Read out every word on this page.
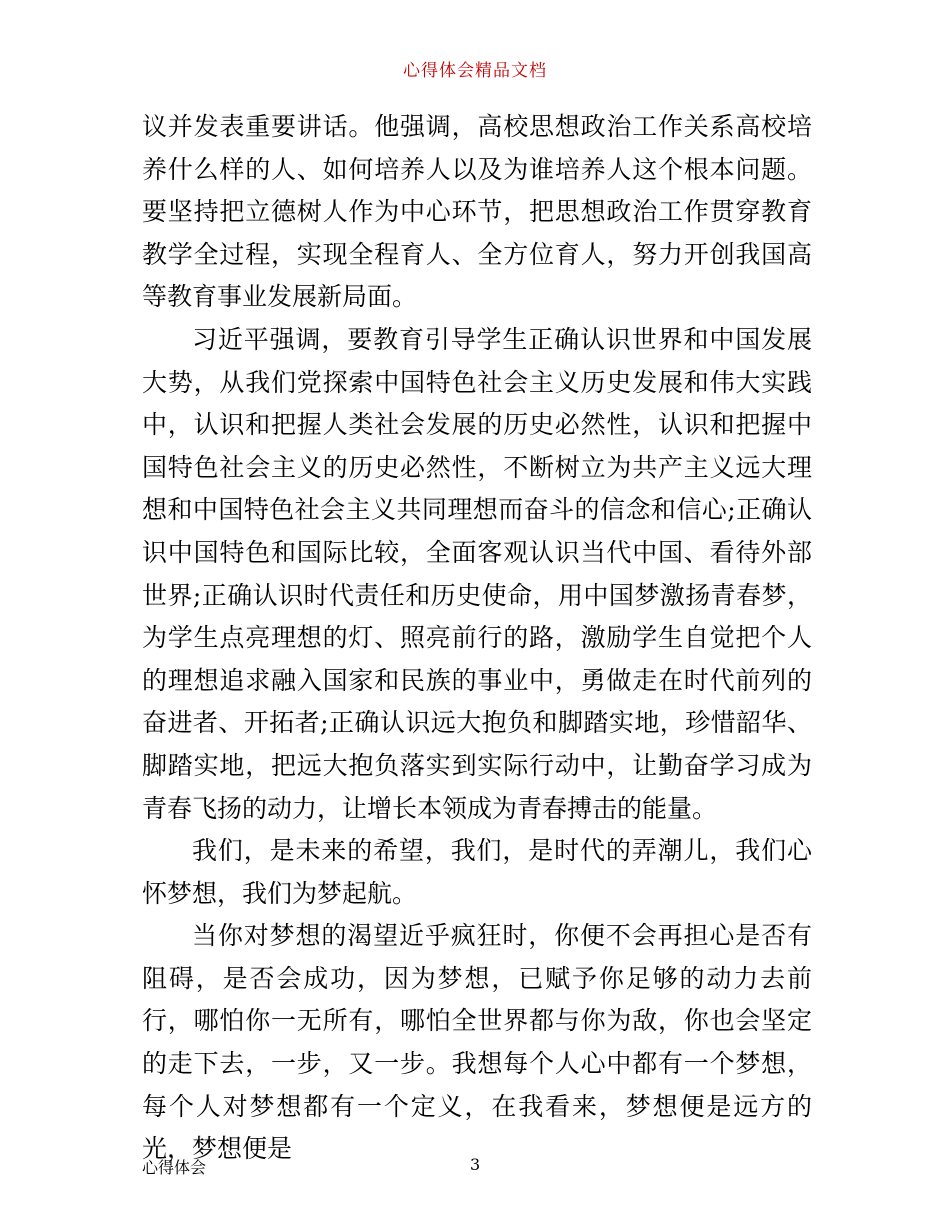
心得体会精品文档

议并发表重要讲话。他强调，高校思想政治工作关系高校培养什么样的人、如何培养人以及为谁培养人这个根本问题。要坚持把立德树人作为中心环节，把思想政治工作贯穿教育教学全过程，实现全程育人、全方位育人，努力开创我国高等教育事业发展新局面。

习近平强调，要教育引导学生正确认识世界和中国发展大势，从我们党探索中国特色社会主义历史发展和伟大实践中，认识和把握人类社会发展的历史必然性，认识和把握中国特色社会主义的历史必然性，不断树立为共产主义远大理想和中国特色社会主义共同理想而奋斗的信念和信心;正确认识中国特色和国际比较，全面客观认识当代中国、看待外部世界;正确认识时代责任和历史使命，用中国梦激扬青春梦，为学生点亮理想的灯、照亮前行的路，激励学生自觉把个人的理想追求融入国家和民族的事业中，勇做走在时代前列的奋进者、开拓者;正确认识远大抱负和脚踏实地，珍惜韶华、脚踏实地，把远大抱负落实到实际行动中，让勤奋学习成为青春飞扬的动力，让增长本领成为青春搏击的能量。

我们，是未来的希望，我们，是时代的弄潮儿，我们心怀梦想，我们为梦起航。

当你对梦想的渴望近乎疯狂时，你便不会再担心是否有阻碍，是否会成功，因为梦想，已赋予你足够的动力去前行，哪怕你一无所有，哪怕全世界都与你为敌，你也会坚定的走下去，一步，又一步。我想每个人心中都有一个梦想，每个人对梦想都有一个定义，在我看来，梦想便是远方的光，梦想便是

心得体会	3
